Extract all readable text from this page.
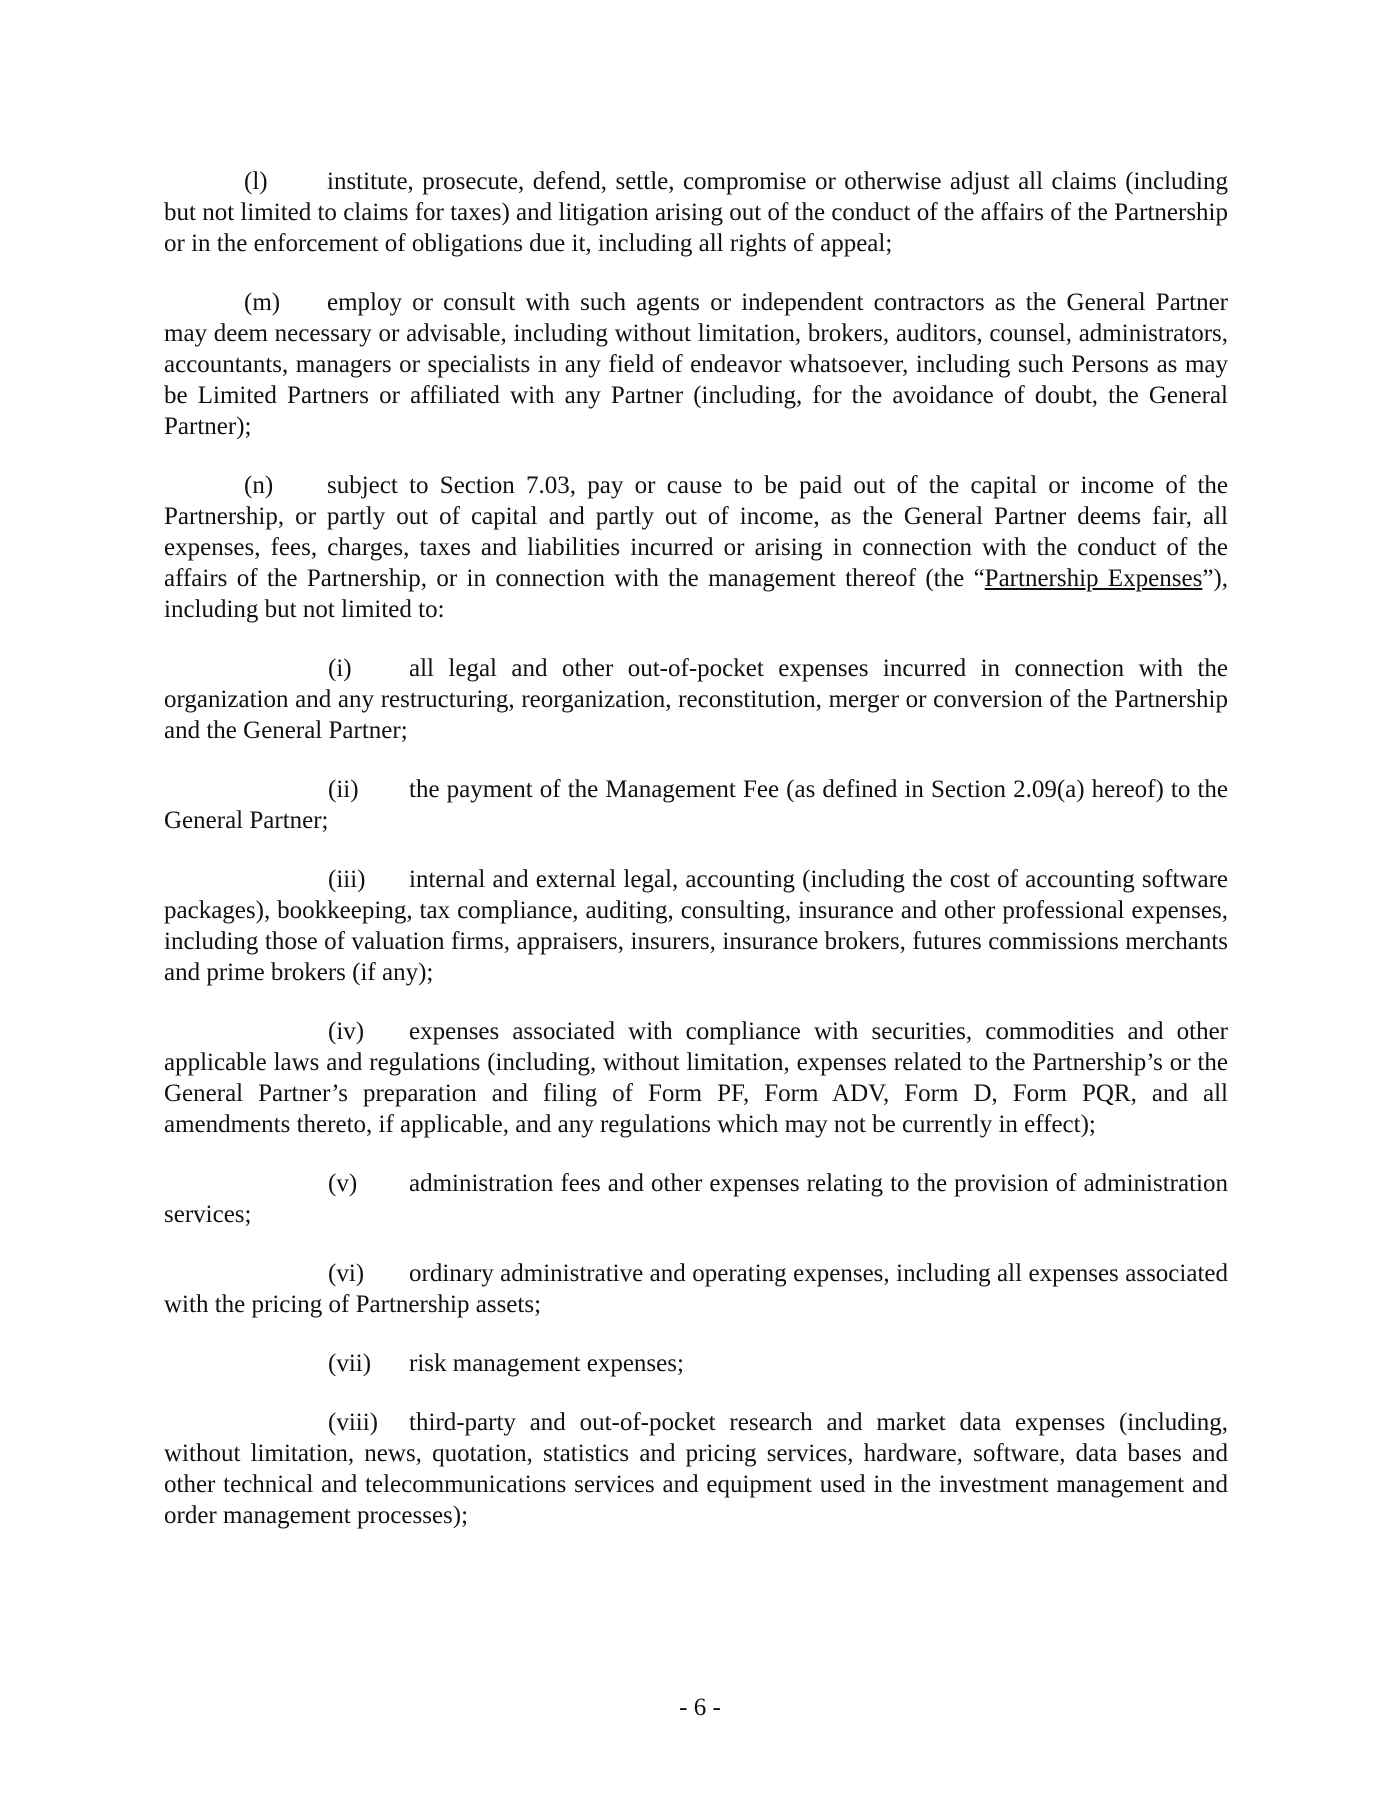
(l) institute, prosecute, defend, settle, compromise or otherwise adjust all claims (including but not limited to claims for taxes) and litigation arising out of the conduct of the affairs of the Partnership or in the enforcement of obligations due it, including all rights of appeal;

(m) employ or consult with such agents or independent contractors as the General Partner may deem necessary or advisable, including without limitation, brokers, auditors, counsel, administrators, accountants, managers or specialists in any field of endeavor whatsoever, including such Persons as may be Limited Partners or affiliated with any Partner (including, for the avoidance of doubt, the General Partner);

(n) subject to Section 7.03, pay or cause to be paid out of the capital or income of the Partnership, or partly out of capital and partly out of income, as the General Partner deems fair, all expenses, fees, charges, taxes and liabilities incurred or arising in connection with the conduct of the affairs of the Partnership, or in connection with the management thereof (the “Partnership Expenses”), including but not limited to:

(i) all legal and other out-of-pocket expenses incurred in connection with the organization and any restructuring, reorganization, reconstitution, merger or conversion of the Partnership and the General Partner;

(ii) the payment of the Management Fee (as defined in Section 2.09(a) hereof) to the General Partner;

(iii) internal and external legal, accounting (including the cost of accounting software packages), bookkeeping, tax compliance, auditing, consulting, insurance and other professional expenses, including those of valuation firms, appraisers, insurers, insurance brokers, futures commissions merchants and prime brokers (if any);

(iv) expenses associated with compliance with securities, commodities and other applicable laws and regulations (including, without limitation, expenses related to the Partnership’s or the General Partner’s preparation and filing of Form PF, Form ADV, Form D, Form PQR, and all amendments thereto, if applicable, and any regulations which may not be currently in effect);

(v) administration fees and other expenses relating to the provision of administration services;

(vi) ordinary administrative and operating expenses, including all expenses associated with the pricing of Partnership assets;

(vii) risk management expenses;

(viii) third-party and out-of-pocket research and market data expenses (including, without limitation, news, quotation, statistics and pricing services, hardware, software, data bases and other technical and telecommunications services and equipment used in the investment management and order management processes);

- 6 -
